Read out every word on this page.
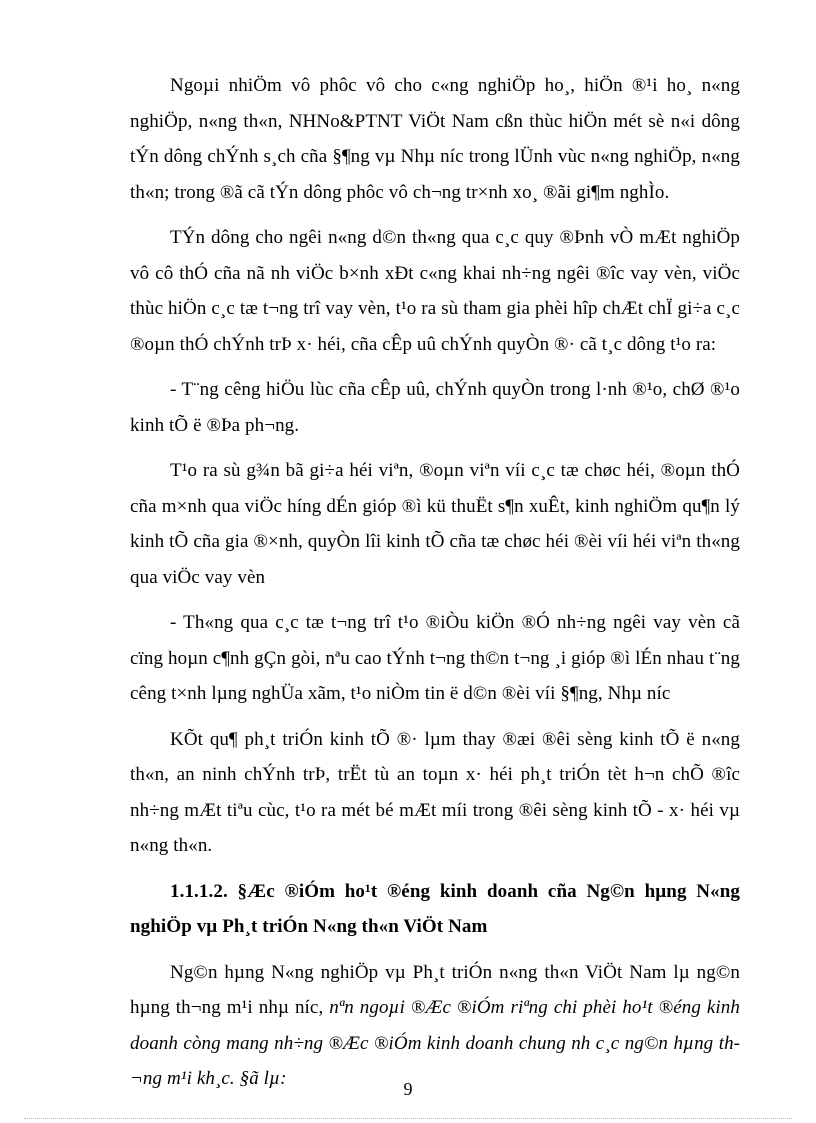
Ngoµi nhiÖm vô phôc vô cho c«ng nghiÖp ho¸, hiÖn ®¹i ho¸ n«ng nghiÖp, n«ng th«n, NHNo&PTNT ViÖt Nam cßn thùc hiÖn mét sè n«i dông tÝn dông chÝnh s¸ch cña §¶ng vµ Nhµ níc trong lÜnh vùc n«ng nghiÖp, n«ng th«n; trong ®ã cã tÝn dông phôc vô ch¬ng tr×nh xo¸ ®ãi gi¶m nghÌo.

TÝn dông cho ngêi n«ng d©n th«ng qua c¸c quy ®Þnh vÒ mÆt nghiÖp vô cô thÓ cña nã nh viÖc b×nh xÐt c«ng khai nh÷ng ngêi ®îc vay vèn, viÖc thùc hiÖn c¸c tæ t¬ng trî vay vèn, t¹o ra sù tham gia phèi hîp chÆt chÏ gi÷a c¸c ®oµn thÓ chÝnh trÞ x· héi, cña cÊp uû chÝnh quyÒn ®· cã t¸c dông t¹o ra:

- T¨ng cêng hiÖu lùc cña cÊp uû, chÝnh quyÒn trong l·nh ®¹o, chØ ®¹o kinh tÕ ë ®Þa ph¬ng.

T¹o ra sù g¾n bã gi÷a héi viªn, ®oµn viªn víi c¸c tæ chøc héi, ®oµn thÓ cña m×nh qua viÖc híng dÉn gióp ®ì kü thuËt s¶n xuÊt, kinh nghiÖm qu¶n lý kinh tÕ cña gia ®×nh, quyÒn lîi kinh tÕ cña tæ chøc héi ®èi víi héi viªn th«ng qua viÖc vay vèn

- Th«ng qua c¸c tæ t¬ng trî t¹o ®iÒu kiÖn ®Ó nh÷ng ngêi vay vèn cã cïng hoµn c¶nh gÇn gòi, nªu cao tÝnh t¬ng th©n t¬ng ¸i gióp ®ì lÉn nhau t¨ng cêng t×nh lµng nghÜa xãm, t¹o niÒm tin ë d©n ®èi víi §¶ng, Nhµ níc

KÕt qu¶ ph¸t triÓn kinh tÕ ®· lµm thay ®æi ®êi sèng kinh tÕ ë n«ng th«n, an ninh chÝnh trÞ, trËt tù an toµn x· héi ph¸t triÓn tèt h¬n chÕ ®îc nh÷ng mÆt tiªu cùc, t¹o ra mét bé mÆt míi trong ®êi sèng kinh tÕ - x· héi vµ n«ng th«n.

1.1.1.2. §Æc ®iÓm ho¹t ®éng kinh doanh cña Ng©n hµng N«ng nghiÖp vµ Ph¸t triÓn N«ng th«n ViÖt Nam

Ng©n hµng N«ng nghiÖp vµ Ph¸t triÓn n«ng th«n ViÖt Nam lµ ng©n hµng th¬ng m¹i nhµ níc, nªn ngoµi ®Æc ®iÓm riªng chi phèi ho¹t ®éng kinh doanh còng mang nh÷ng ®Æc ®iÓm kinh doanh chung nh c¸c ng©n hµng th¬ng m¹i kh¸c. §ã lµ:	9
